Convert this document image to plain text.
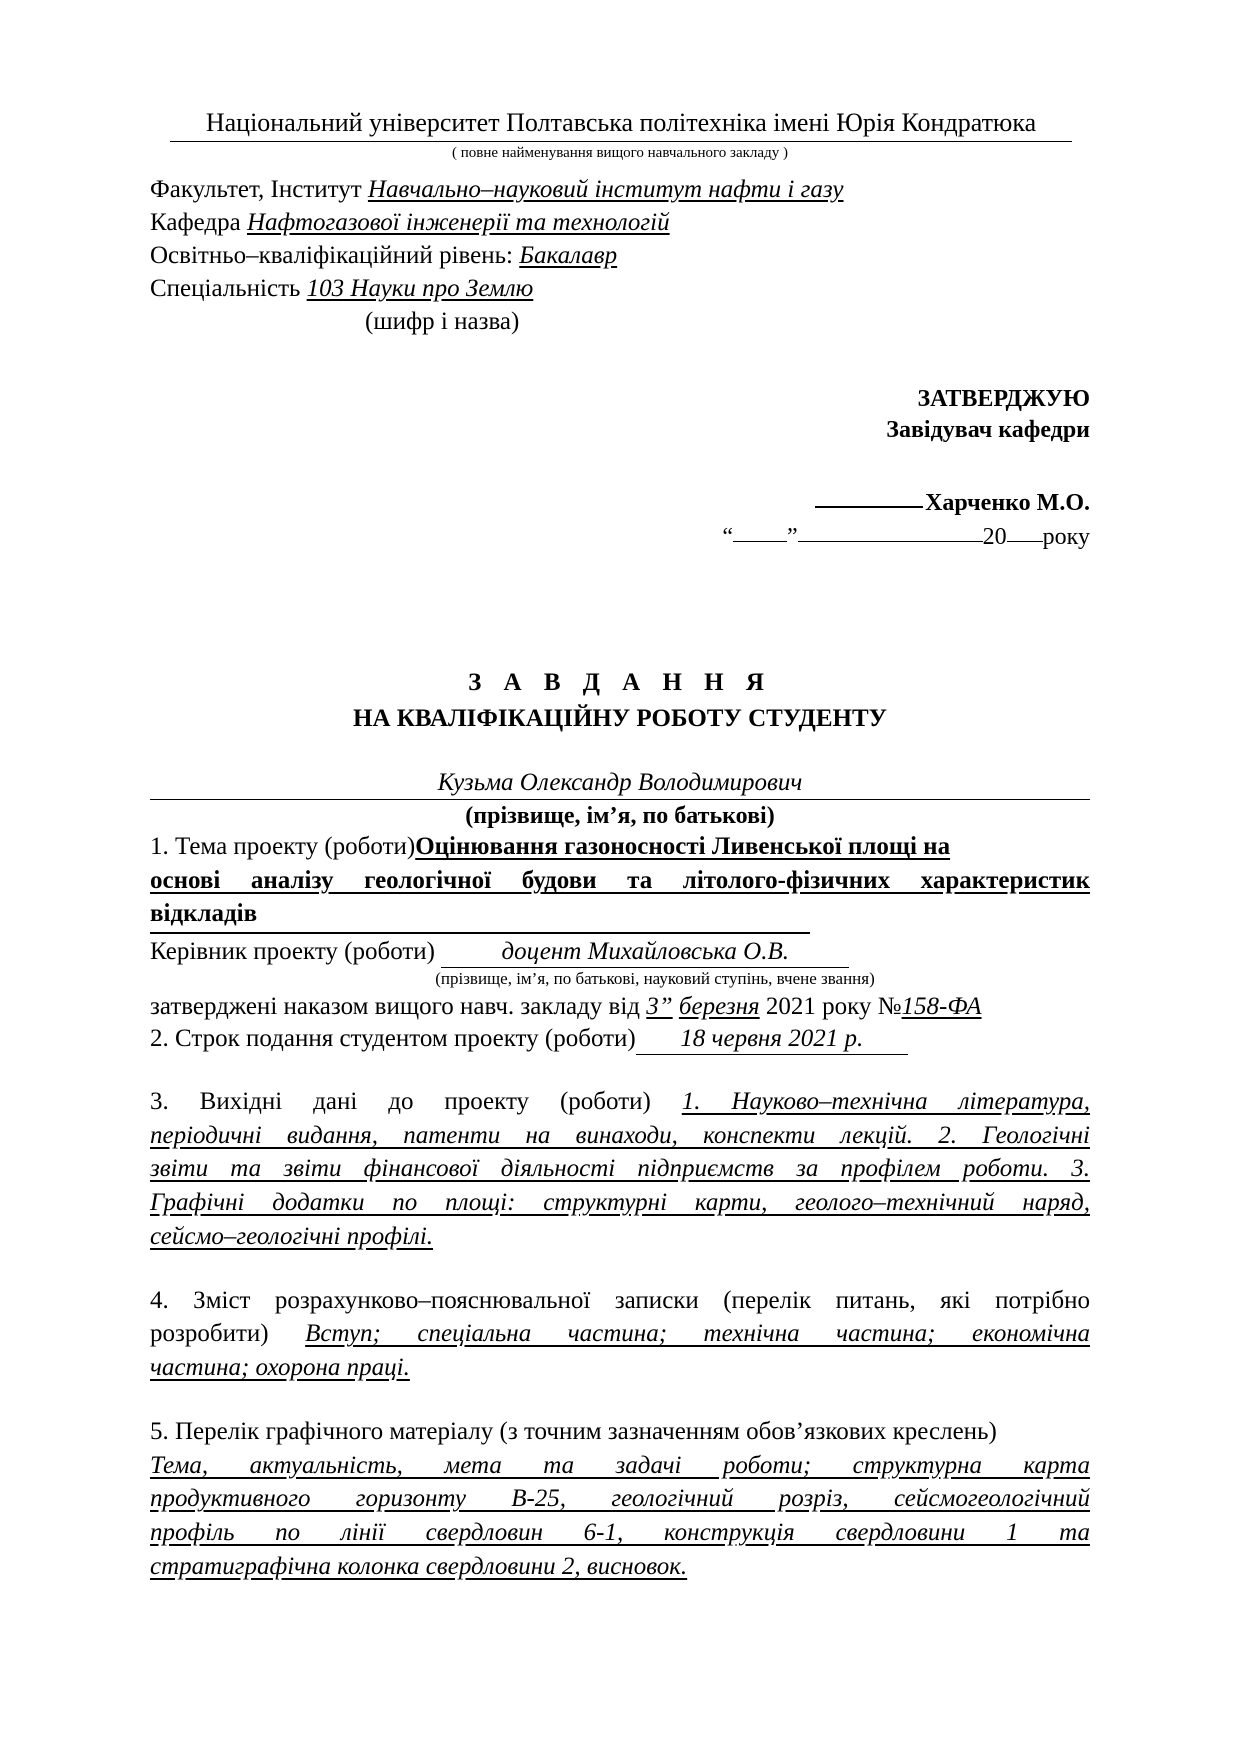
Національний університет Полтавська політехніка імені Юрія Кондратюка
( повне найменування вищого навчального закладу )
Факультет, Інститут Навчально–науковий інститут нафти і газу
Кафедра Нафтогазової інженерії та технологій
Освітньо–кваліфікаційний рівень: Бакалавр
Спеціальність 103 Науки про Землю
(шифр і назва)
ЗАТВЕРДЖУЮ
Завідувач кафедри
Харченко М.О.
“ ”	20 року
З А В Д А Н Н Я
НА КВАЛІФІКАЦІЙНУ РОБОТУ СТУДЕНТУ
Кузьма Олександр Володимирович
(прізвище, ім’я, по батькові)
1. Тема проекту (роботи)Оцінювання газоносності Ливенської площі на
основі аналізу геологічної будови та літолого-фізичних характеристик
відкладів
Керівник проекту (роботи)	доцент Михайловська О.В.
(прізвище, ім’я, по батькові, науковий ступінь, вчене звання)
затверджені наказом вищого навч. закладу від 3” березня 2021 року №158-ФА
2. Строк подання студентом проекту (роботи) 18 червня 2021 р.
3. Вихідні дані до проекту (роботи) 1. Науково–технічна література,
періодичні видання, патенти на винаходи, конспекти лекцій. 2. Геологічні
звіти та звіти фінансової діяльності підприємств за профілем роботи. 3.
Графічні додатки по площі: структурні карти, геолого–технічний наряд,
сейсмо–геологічні профілі.
4. Зміст розрахунково–пояснювальної записки (перелік питань, які потрібно
розробити) Вступ; спеціальна частина; технічна частина; економічна
частина; охорона праці.
5. Перелік графічного матеріалу (з точним зазначенням обов’язкових креслень)
Тема, актуальність, мета та задачі роботи; структурна карта
продуктивного горизонту В-25, геологічний розріз, сейсмогеологічний
профіль по лінії свердловин 6-1, конструкція свердловини 1 та
стратиграфічна колонка свердловини 2, висновок.
